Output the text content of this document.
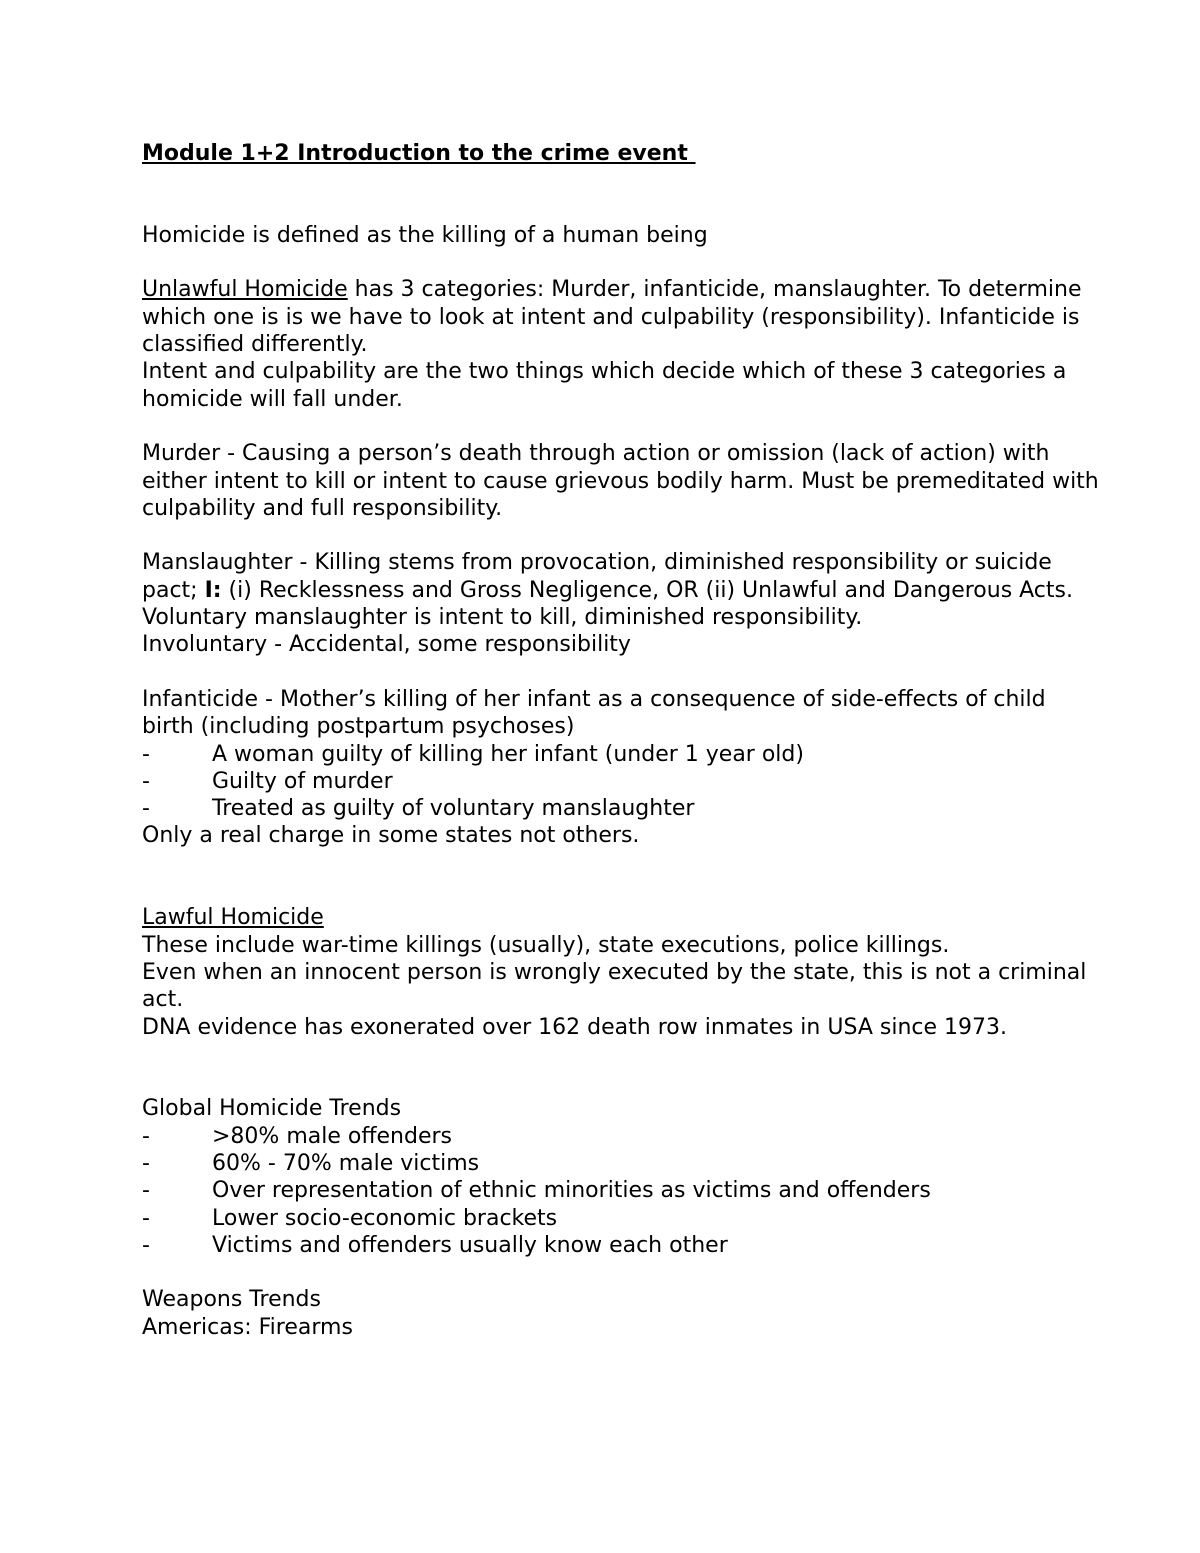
Module 1+2 Introduction to the crime event

Homicide is defined as the killing of a human being

Unlawful Homicide has 3 categories: Murder, infanticide, manslaughter. To determine which one is is we have to look at intent and culpability (responsibility). Infanticide is classified differently.

Intent and culpability are the two things which decide which of these 3 categories a homicide will fall under.

Murder - Causing a person’s death through action or omission (lack of action) with either intent to kill or intent to cause grievous bodily harm. Must be premeditated with culpability and full responsibility.

Manslaughter - Killing stems from provocation, diminished responsibility or suicide pact; I: (i) Recklessness and Gross Negligence, OR (ii) Unlawful and Dangerous Acts.

Voluntary manslaughter is intent to kill, diminished responsibility.

Involuntary - Accidental, some responsibility

Infanticide - Mother’s killing of her infant as a consequence of side-effects of child birth (including postpartum psychoses)

-	A woman guilty of killing her infant (under 1 year old)
-	Guilty of murder
-	Treated as guilty of voluntary manslaughter

Only a real charge in some states not others.

Lawful Homicide

These include war-time killings (usually), state executions, police killings.

Even when an innocent person is wrongly executed by the state, this is not a criminal act.

DNA evidence has exonerated over 162 death row inmates in USA since 1973.

Global Homicide Trends

-	>80% male offenders
-	60% - 70% male victims
-	Over representation of ethnic minorities as victims and offenders
-	Lower socio-economic brackets
-	Victims and offenders usually know each other

Weapons Trends

Americas: Firearms
